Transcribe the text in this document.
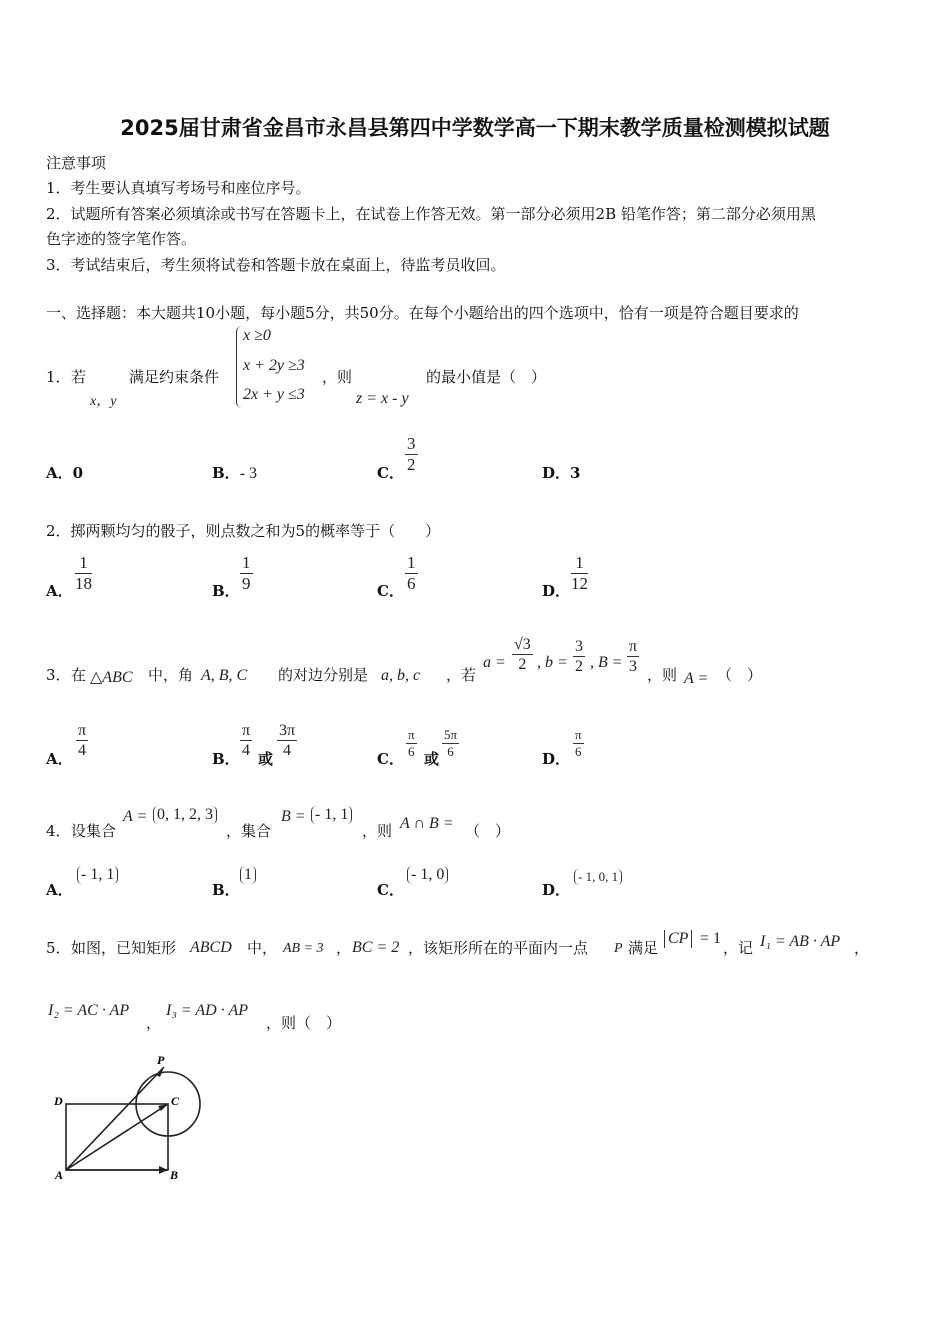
2025届甘肃省金昌市永昌县第四中学数学高一下期末教学质量检测模拟试题
注意事项
1．考生要认真填写考场号和座位序号。
2．试题所有答案必须填涂或书写在答题卡上，在试卷上作答无效。第一部分必须用2B 铅笔作答；第二部分必须用黑
色字迹的签字笔作答。
3．考试结束后，考生须将试卷和答题卡放在桌面上，待监考员收回。
一、选择题：本大题共10小题，每小题5分，共50分。在每个小题给出的四个选项中，恰有一项是符合题目要求的
1． 若
x，y
满足约束条件
x ≥0
x + 2y ≥3
2x + y ≤3
，则
z = x - y
的最小值是（　）
A．0	B．- 3	C． $\frac{3}{2}$	D．3
2．掷两颗均匀的骰子，则点数之和为5的概率等于（　　）
A． $\frac{1}{18}$	B． $\frac{1}{9}$	C． $\frac{1}{6}$	D． $\frac{1}{12}$
3． 在 △ABC 中，角 A, B, C 的对边分别是 a, b, c ，若
$a = \frac{√3}{2}$ , $b = \frac{3}{2}$ , $B = \frac{\pi}{3}$ ，则 A = （　）
A． $\frac{\pi}{4}$	B． $\frac{\pi}{4}$ 或 $\frac{3\pi}{4}$	C． $\frac{\pi}{6}$ 或 $\frac{5\pi}{6}$	D． $\frac{\pi}{6}$
4． 设集合
A = 0, 1, 2, 3
，集合
B = - 1, 1
，则 A ∩ B = （　）
A．
- 1, 1
B．
1
C．
- 1, 0
D．
- 1, 0, 1
5． 如图，已知矩形 ABCD 中， AB = 3 ， BC = 2 ，该矩形所在的平面内一点 P 满足
CP = 1
，记 I₁ = AB · AP ，
I₂ = AC · AP
，
I₃ = AD · AP
，则（　）
P
C
D
A	B
